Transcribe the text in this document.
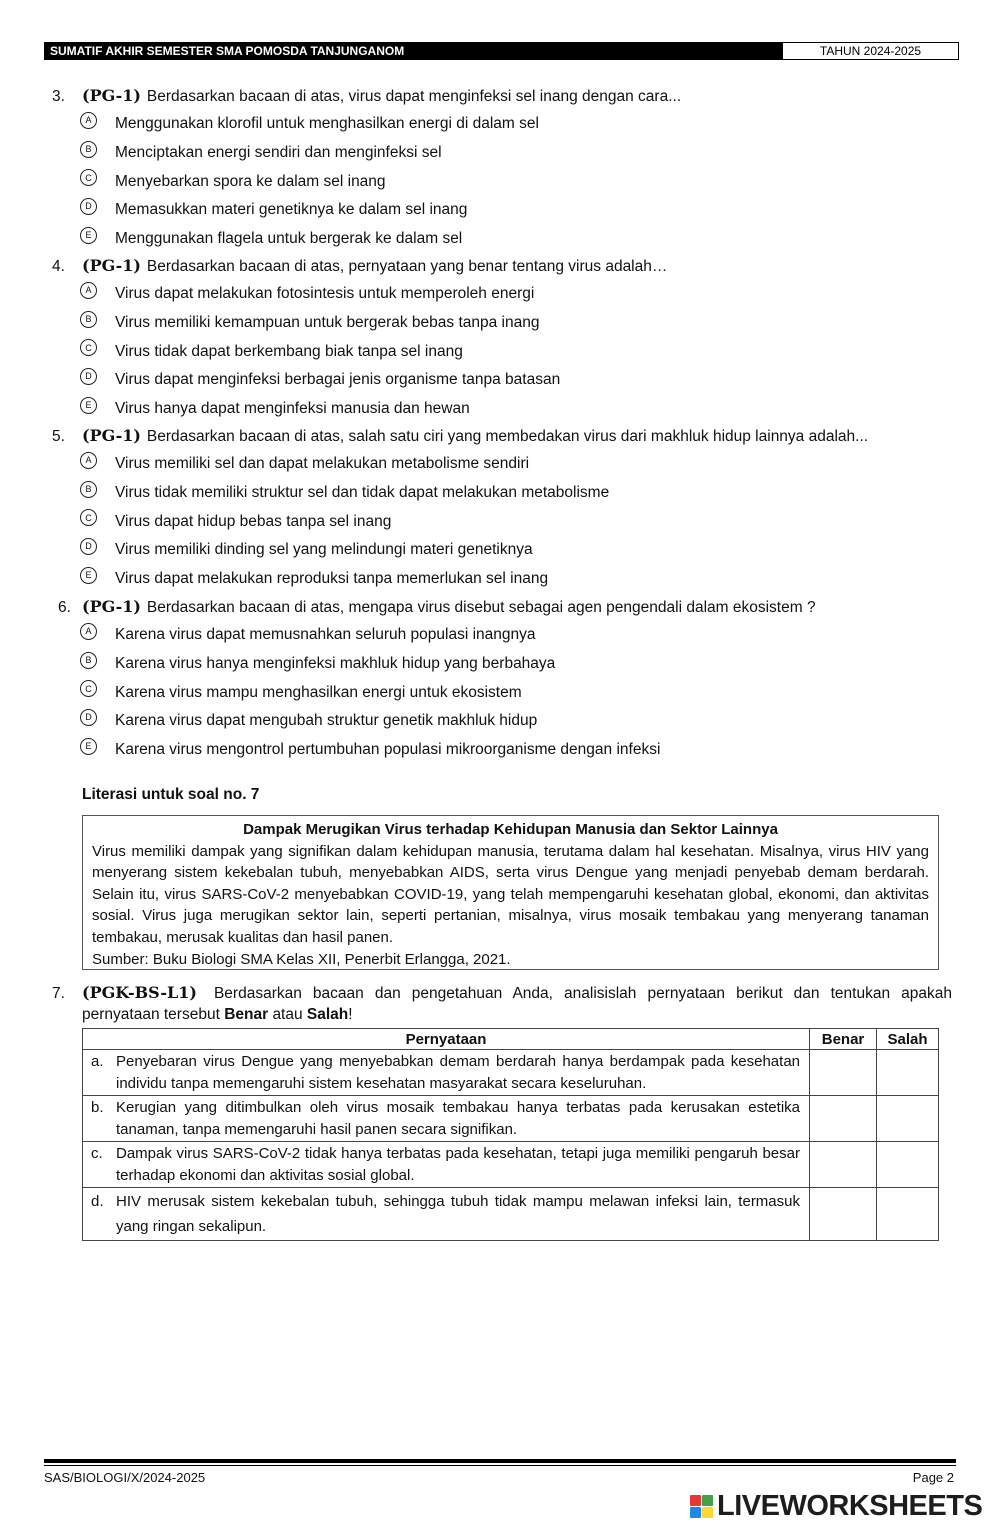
SUMATIF AKHIR SEMESTER SMA POMOSDA TANJUNGANOM	TAHUN 2024-2025
3.	(PG-1) Berdasarkan bacaan di atas, virus dapat menginfeksi sel inang dengan cara...
A	Menggunakan klorofil untuk menghasilkan energi di dalam sel
B	Menciptakan energi sendiri dan menginfeksi sel
C	Menyebarkan spora ke dalam sel inang
D	Memasukkan materi genetiknya ke dalam sel inang
E	Menggunakan flagela untuk bergerak ke dalam sel
4.	(PG-1) Berdasarkan bacaan di atas, pernyataan yang benar tentang virus adalah…
A	Virus dapat melakukan fotosintesis untuk memperoleh energi
B	Virus memiliki kemampuan untuk bergerak bebas tanpa inang
C	Virus tidak dapat berkembang biak tanpa sel inang
D	Virus dapat menginfeksi berbagai jenis organisme tanpa batasan
E	Virus hanya dapat menginfeksi manusia dan hewan
5.	(PG-1) Berdasarkan bacaan di atas, salah satu ciri yang membedakan virus dari makhluk hidup lainnya adalah...
A	Virus memiliki sel dan dapat melakukan metabolisme sendiri
B	Virus tidak memiliki struktur sel dan tidak dapat melakukan metabolisme
C	Virus dapat hidup bebas tanpa sel inang
D	Virus memiliki dinding sel yang melindungi materi genetiknya
E	Virus dapat melakukan reproduksi tanpa memerlukan sel inang
6. (PG-1) Berdasarkan bacaan di atas, mengapa virus disebut sebagai agen pengendali dalam ekosistem ?
A	Karena virus dapat memusnahkan seluruh populasi inangnya
B	Karena virus hanya menginfeksi makhluk hidup yang berbahaya
C	Karena virus mampu menghasilkan energi untuk ekosistem
D	Karena virus dapat mengubah struktur genetik makhluk hidup
E	Karena virus mengontrol pertumbuhan populasi mikroorganisme dengan infeksi
Literasi untuk soal no. 7
Dampak Merugikan Virus terhadap Kehidupan Manusia dan Sektor Lainnya
Virus memiliki dampak yang signifikan dalam kehidupan manusia, terutama dalam hal kesehatan. Misalnya, virus HIV yang menyerang sistem kekebalan tubuh, menyebabkan AIDS, serta virus Dengue yang menjadi penyebab demam berdarah. Selain itu, virus SARS-CoV-2 menyebabkan COVID-19, yang telah mempengaruhi kesehatan global, ekonomi, dan aktivitas sosial. Virus juga merugikan sektor lain, seperti pertanian, misalnya, virus mosaik tembakau yang menyerang tanaman tembakau, merusak kualitas dan hasil panen.
Sumber: Buku Biologi SMA Kelas XII, Penerbit Erlangga, 2021.
7.	(PGK-BS-L1) Berdasarkan bacaan dan pengetahuan Anda, analisislah pernyataan berikut dan tentukan apakah pernyataan tersebut Benar atau Salah!
Pernyataan	Benar	Salah

a. Penyebaran virus Dengue yang menyebabkan demam berdarah hanya berdampak pada kesehatan individu tanpa memengaruhi sistem kesehatan masyarakat secara keseluruhan.		

b. Kerugian yang ditimbulkan oleh virus mosaik tembakau hanya terbatas pada kerusakan estetika tanaman, tanpa memengaruhi hasil panen secara signifikan.		

c. Dampak virus SARS-CoV-2 tidak hanya terbatas pada kesehatan, tetapi juga memiliki pengaruh besar terhadap ekonomi dan aktivitas sosial global.		

d. HIV merusak sistem kekebalan tubuh, sehingga tubuh tidak mampu melawan infeksi lain, termasuk yang ringan sekalipun.		

SAS/BIOLOGI/X/2024-2025	Page 2
LIVEWORKSHEETS
